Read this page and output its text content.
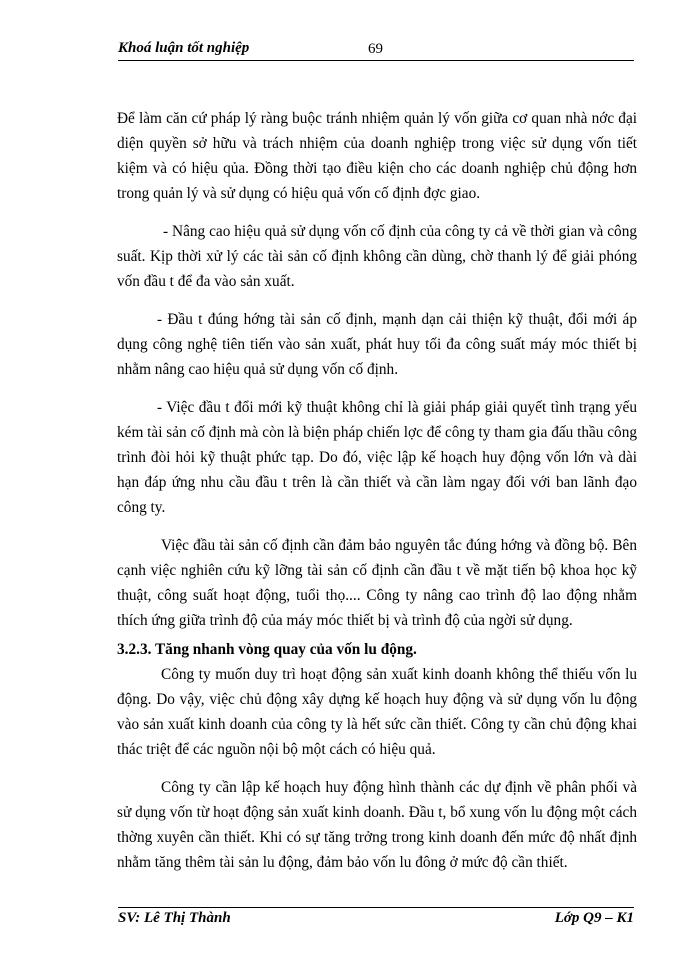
Khoá luận tốt nghiệp	69

Để làm căn cứ pháp lý ràng buộc tránh nhiệm quản lý vốn giữa cơ quan nhà nớc đại diện quyền sở hữu và trách nhiệm của doanh nghiệp trong việc sử dụng vốn tiết kiệm và có hiệu qủa. Đồng thời tạo điều kiện cho các doanh nghiệp chủ động hơn trong quản lý và sử dụng có hiệu quả vốn cố định đợc giao.

- Nâng cao hiệu quả sử dụng vốn cố định của công ty cả về thời gian và công suất. Kịp thời xử lý các tài sản cố định không cần dùng, chờ thanh lý để giải phóng vốn đầu t để đa vào sản xuất.

- Đầu t đúng hớng tài sản cố định, mạnh dạn cải thiện kỹ thuật, đổi mới áp dụng công nghệ tiên tiến vào sản xuất, phát huy tối đa công suất máy móc thiết bị nhằm nâng cao hiệu quả sử dụng vốn cố định.

- Việc đầu t đổi mới kỹ thuật không chỉ là giải pháp giải quyết tình trạng yếu kém tài sản cố định mà còn là biện pháp chiến lợc để công ty tham gia đấu thầu công trình đòi hỏi kỹ thuật phức tạp. Do đó, việc lập kế hoạch huy động vốn lớn và dài hạn đáp ứng nhu cầu đầu t trên là cần thiết và cần làm ngay đối với ban lãnh đạo công ty.

Việc đầu tài sản cố định cần đảm bảo nguyên tắc đúng hớng và đồng bộ. Bên cạnh việc nghiên cứu kỹ lỡng tài sản cố định cần đầu t về mặt tiến bộ khoa học kỹ thuật, công suất hoạt động, tuổi thọ.... Công ty nâng cao trình độ lao động nhằm thích ứng giữa trình độ của máy móc thiết bị và trình độ của ngời sử dụng.

3.2.3. Tăng nhanh vòng quay của vốn lu động.

Công ty muốn duy trì hoạt động sản xuất kinh doanh không thể thiếu vốn lu động. Do vậy, việc chủ động xây dựng kế hoạch huy động và sử dụng vốn lu động vào sản xuất kinh doanh của công ty là hết sức cần thiết. Công ty cần chủ động khai thác triệt để các nguồn nội bộ một cách có hiệu quả.

Công ty cần lập kế hoạch huy động hình thành các dự định về phân phối và sử dụng vốn từ hoạt động sản xuất kinh doanh. Đầu t, bổ xung vốn lu động một cách thờng xuyên cần thiết. Khi có sự tăng trởng trong kinh doanh đến mức độ nhất định nhằm tăng thêm tài sản lu động, đảm bảo vốn lu đông ở mức độ cần thiết.

SV: Lê Thị Thành	Lớp Q9 – K1
